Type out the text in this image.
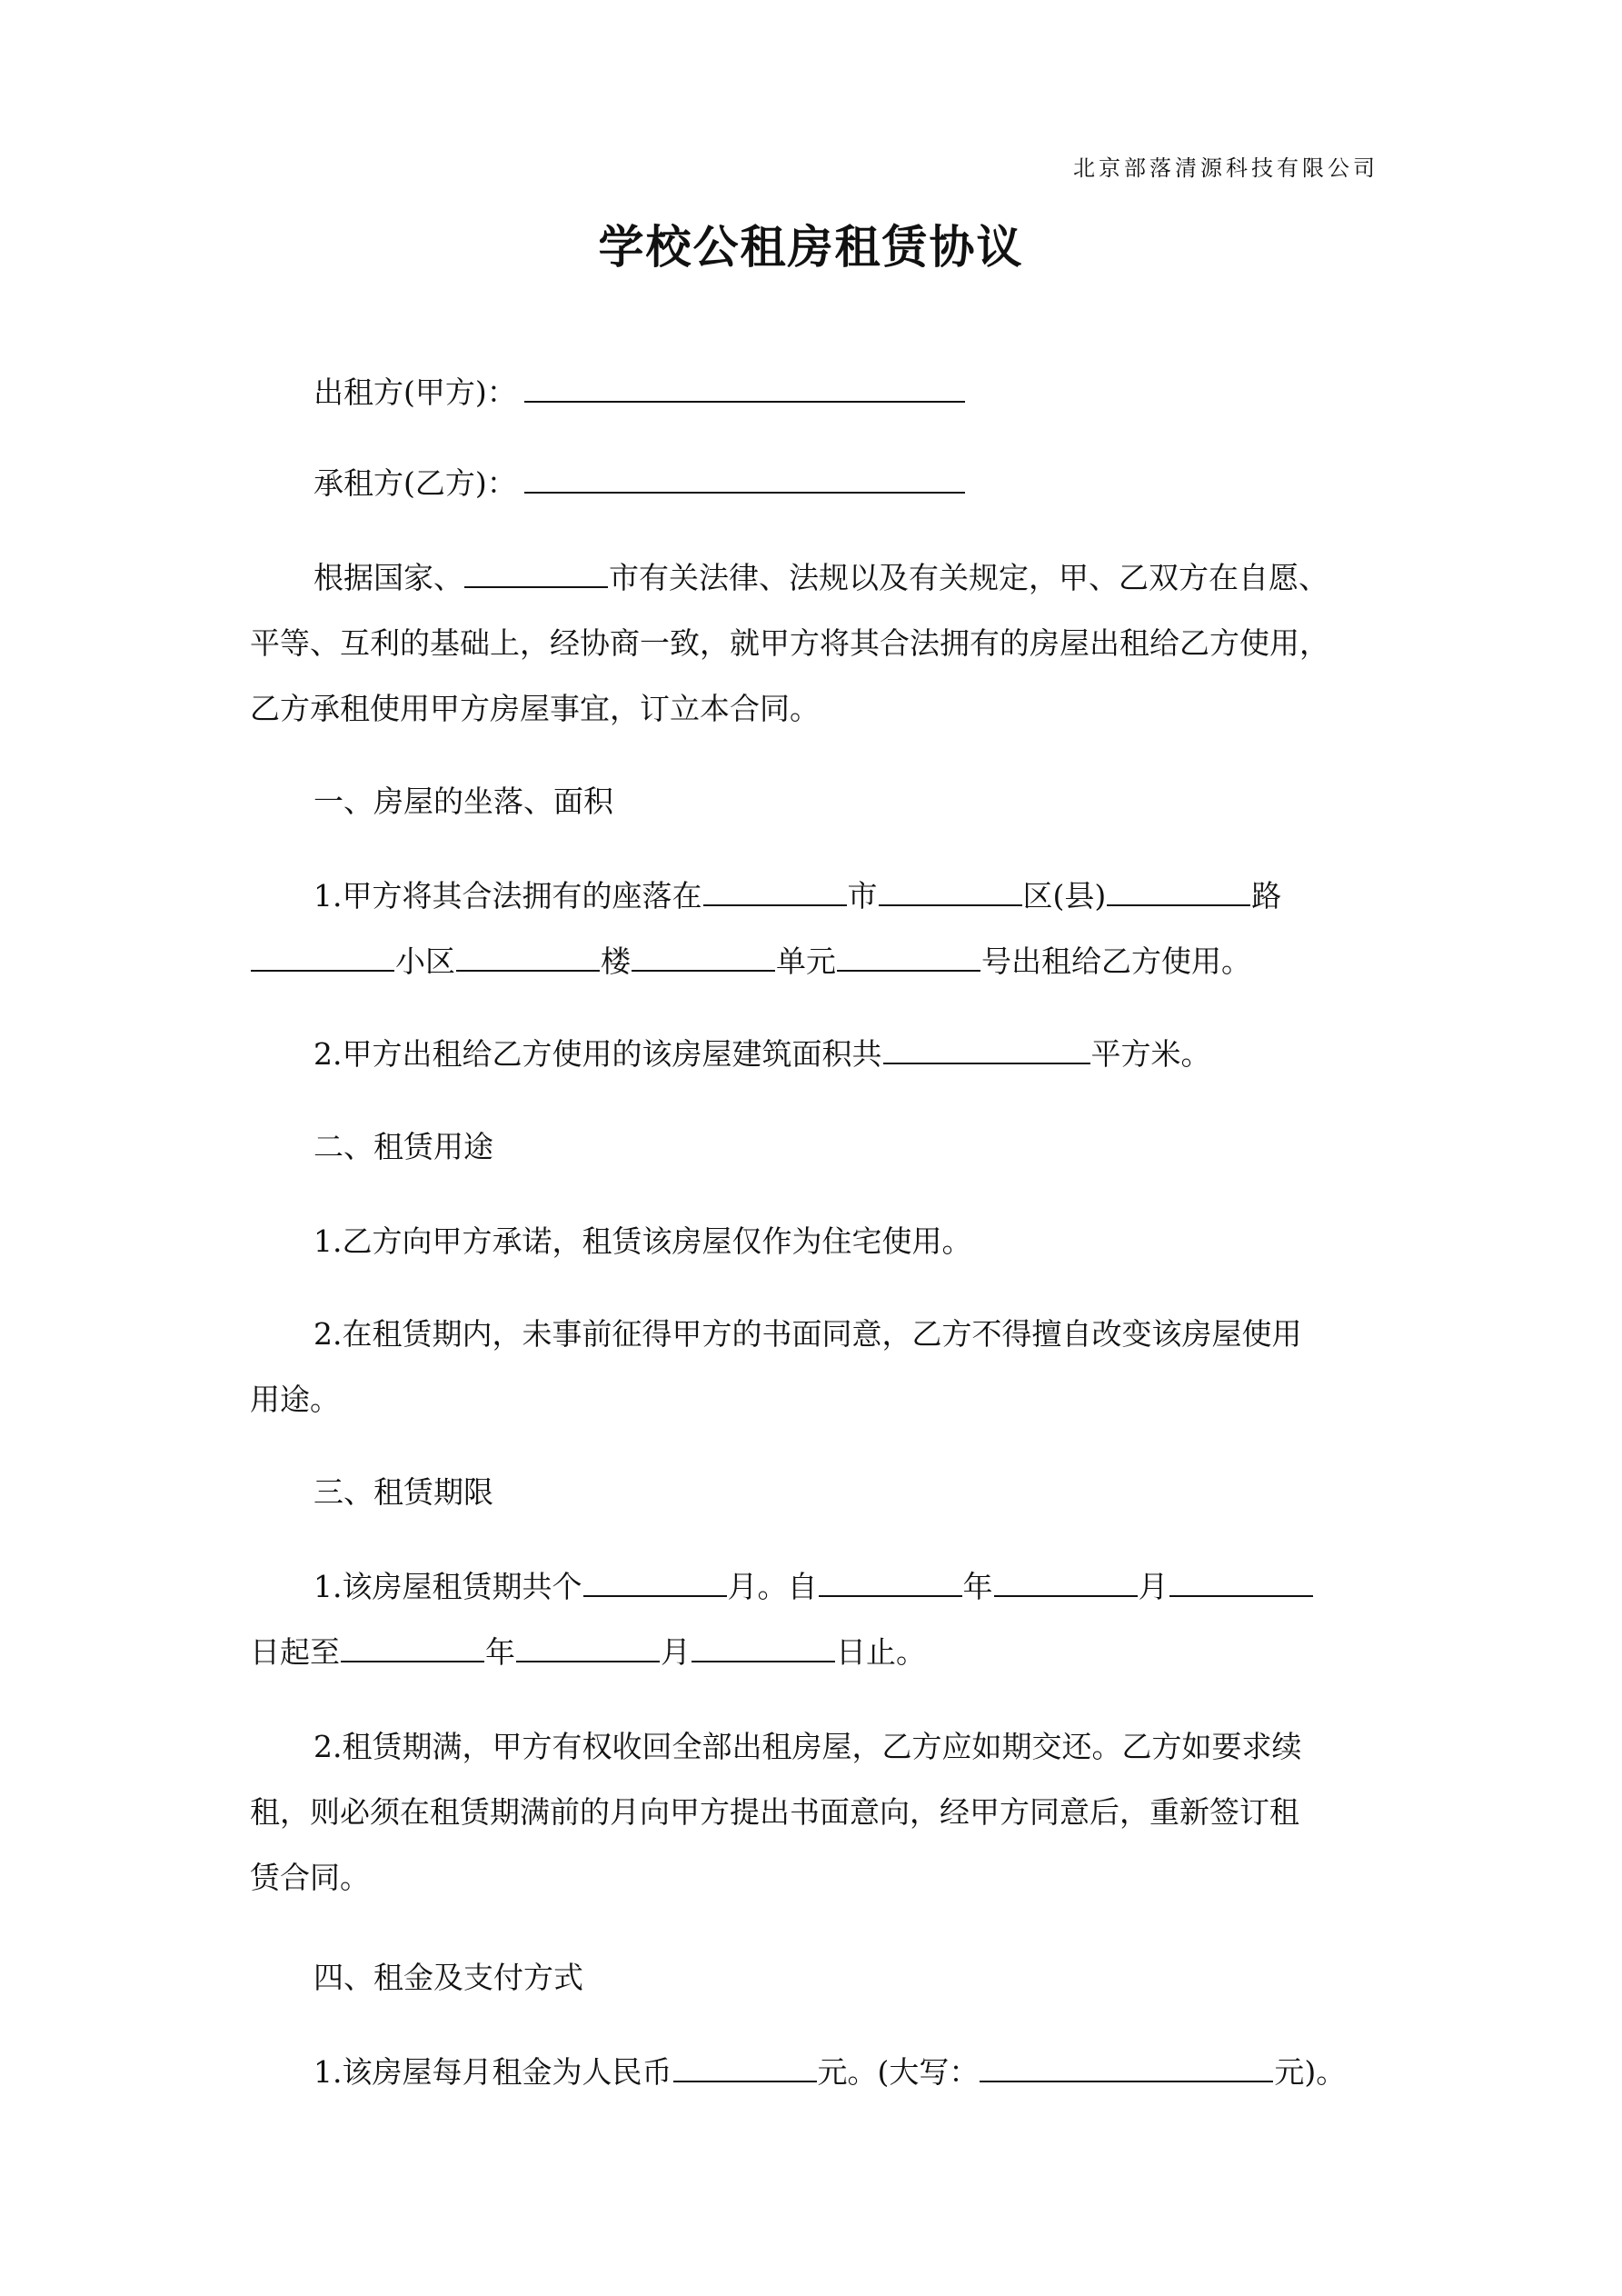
北京部落清源科技有限公司
学校公租房租赁协议
出租方(甲方)：
承租方(乙方)：
根据国家、	市有关法律、法规以及有关规定，甲、乙双方在自愿、
平等、互利的基础上，经协商一致，就甲方将其合法拥有的房屋出租给乙方使用，
乙方承租使用甲方房屋事宜，订立本合同。
一、房屋的坐落、面积
1.甲方将其合法拥有的座落在	市	区(县)	路
小区	楼	单元	号出租给乙方使用。
2.甲方出租给乙方使用的该房屋建筑面积共	平方米。
二、租赁用途
1.乙方向甲方承诺，租赁该房屋仅作为住宅使用。
2.在租赁期内，未事前征得甲方的书面同意，乙方不得擅自改变该房屋使用
用途。
三、租赁期限
1.该房屋租赁期共个	月。自	年	月
日起至	年	月	日止。
2.租赁期满，甲方有权收回全部出租房屋，乙方应如期交还。乙方如要求续
租，则必须在租赁期满前的月向甲方提出书面意向，经甲方同意后，重新签订租
赁合同。
四、租金及支付方式
1.该房屋每月租金为人民币	元。(大写：	元)。
